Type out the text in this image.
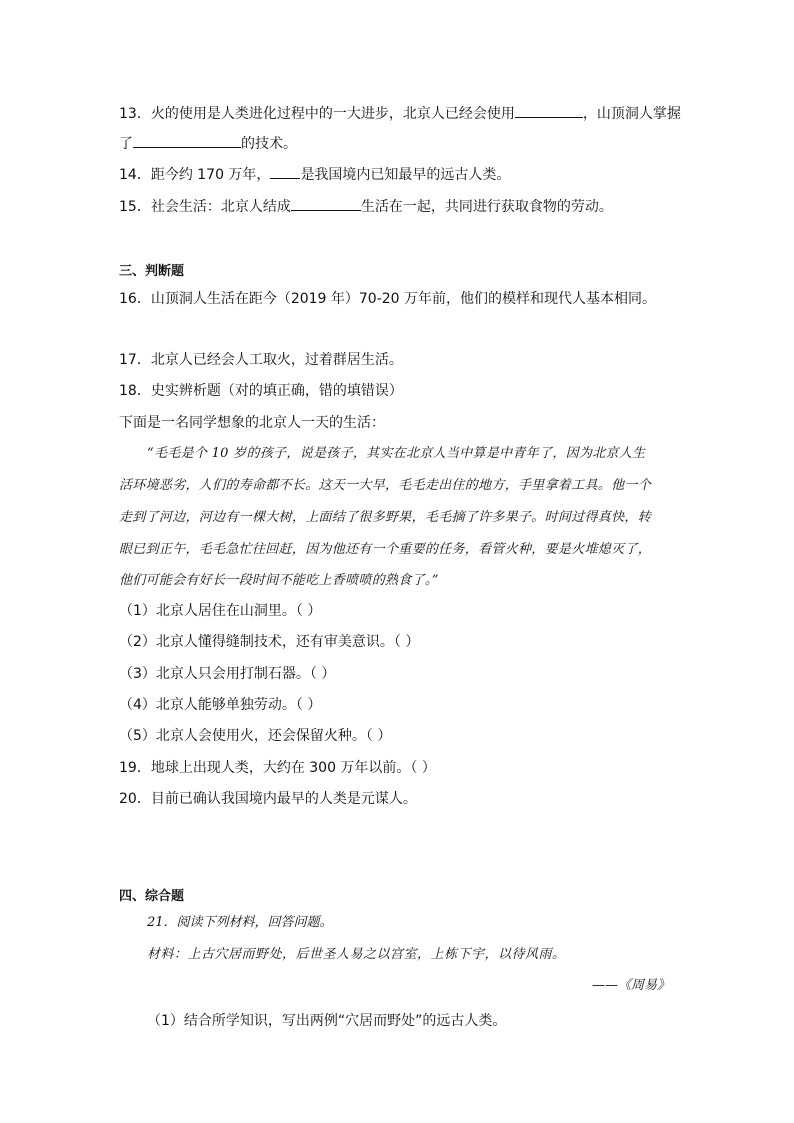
13．火的使用是人类进化过程中的一大进步，北京人已经会使用	，山顶洞人掌握
了	的技术。
14．距今约 170 万年， 是我国境内已知最早的远古人类。
15．社会生活：北京人结成	生活在一起，共同进行获取食物的劳动。
三、判断题
16．山顶洞人生活在距今（2019 年）70-20 万年前，他们的模样和现代人基本相同。
17．北京人已经会人工取火，过着群居生活。
18．史实辨析题（对的填正确，错的填错误）
下面是一名同学想象的北京人一天的生活：
“毛毛是个 10 岁的孩子，说是孩子，其实在北京人当中算是中青年了，因为北京人生
活环境恶劣，人们的寿命都不长。这天一大早，毛毛走出住的地方，手里拿着工具。他一个
走到了河边，河边有一棵大树，上面结了很多野果，毛毛摘了许多果子。时间过得真快，转
眼已到正午，毛毛急忙往回赶，因为他还有一个重要的任务，看管火种，要是火堆熄灭了，
他们可能会有好长一段时间不能吃上香喷喷的熟食了。”
（1）北京人居住在山洞里。（ ）
（2）北京人懂得缝制技术，还有审美意识。（ ）
（3）北京人只会用打制石器。（ ）
（4）北京人能够单独劳动。（ ）
（5）北京人会使用火，还会保留火种。（ ）
19．地球上出现人类，大约在 300 万年以前。（ ）
20．目前已确认我国境内最早的人类是元谋人。
四、综合题
21．阅读下列材料，回答问题。
材料：上古穴居而野处，后世圣人易之以宫室，上栋下宇，以待风雨。
——《周易》
（1）结合所学知识，写出两例“穴居而野处”的远古人类。
